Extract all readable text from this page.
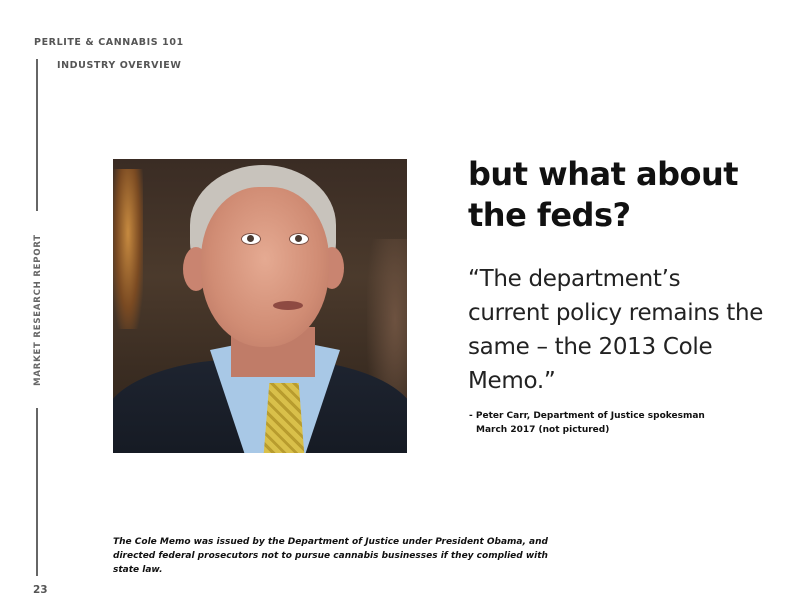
PERLITE & CANNABIS 101
INDUSTRY OVERVIEW
MARKET RESEARCH REPORT
23
but what about the feds?
“The department’s current policy remains the same – the 2013 Cole Memo.”
- Peter Carr, Department of Justice spokesman
March 2017 (not pictured)
The Cole Memo was issued by the Department of Justice under President Obama, and directed federal prosecutors not to pursue cannabis businesses if they complied with state law.
